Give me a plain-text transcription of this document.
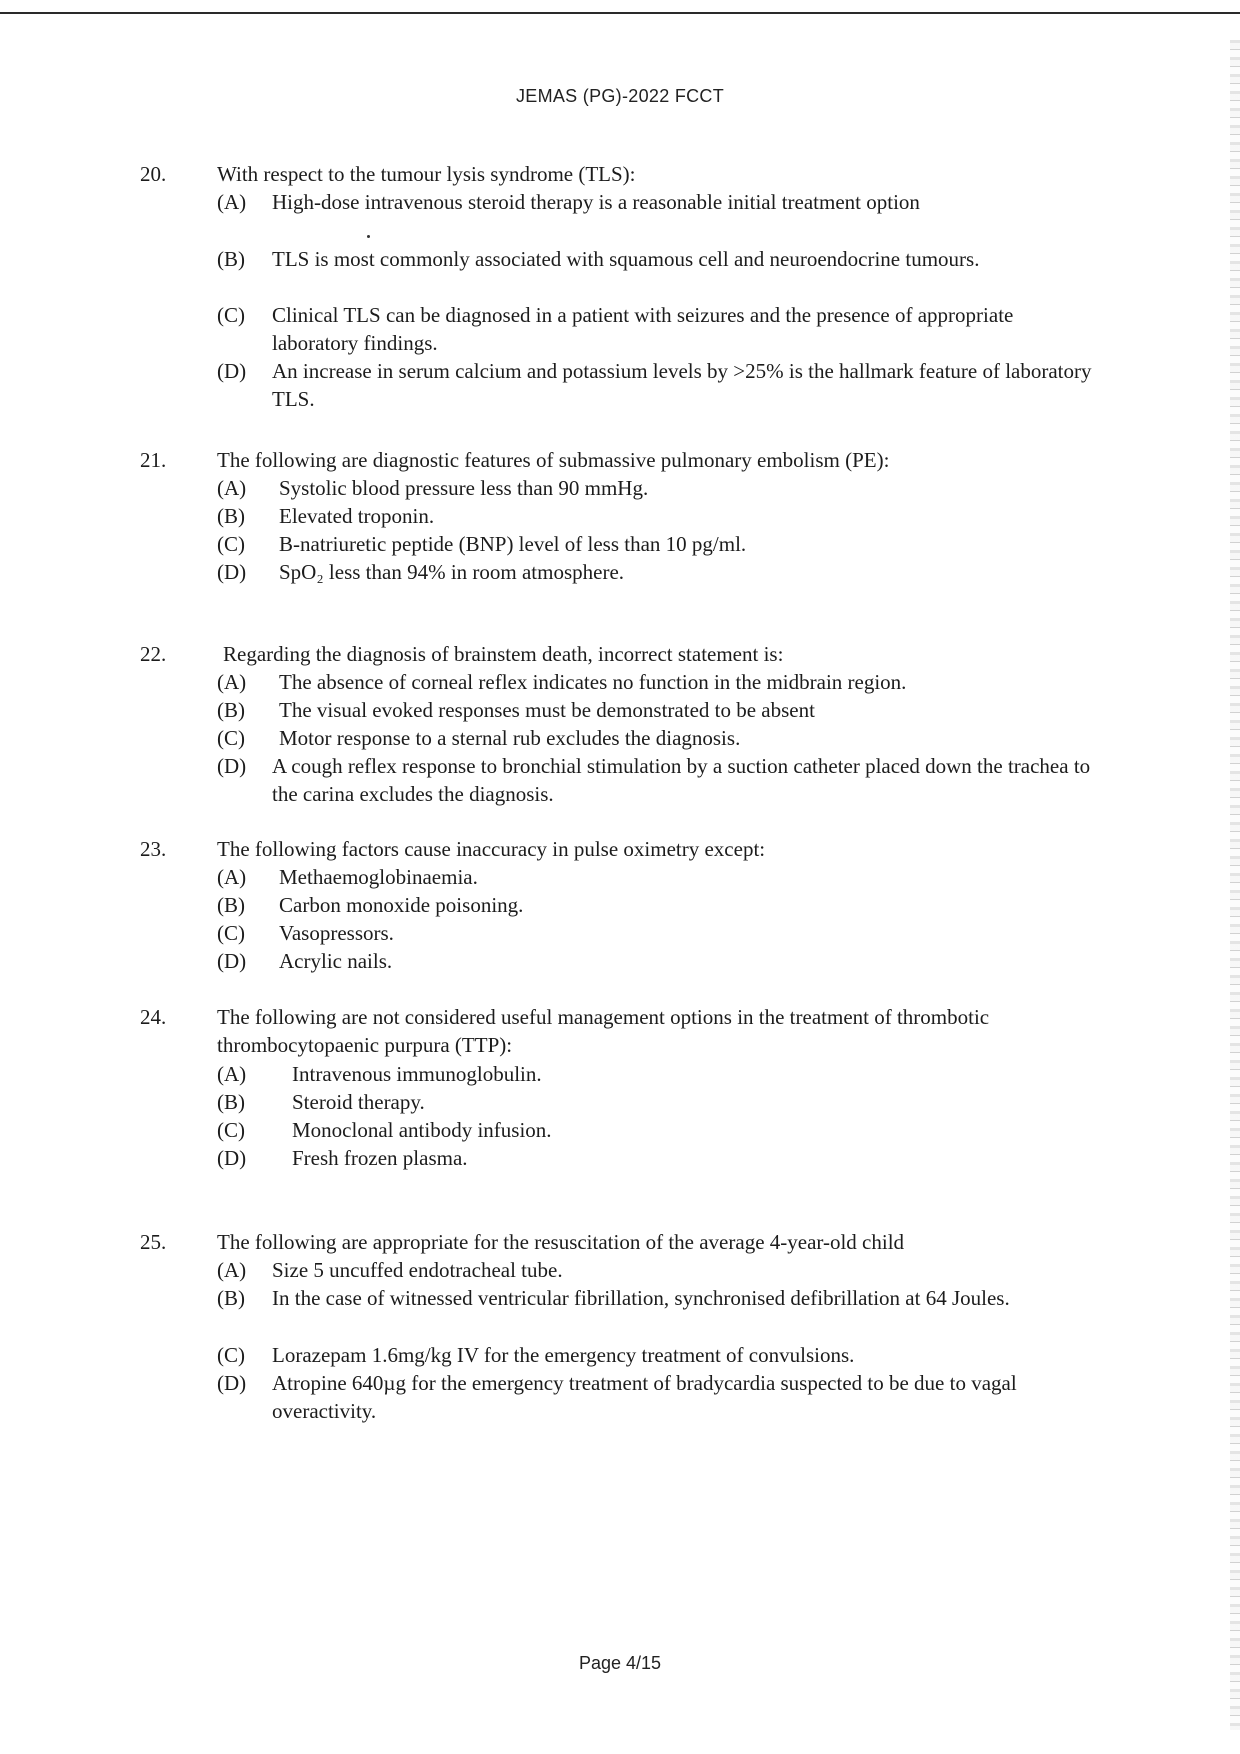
JEMAS (PG)-2022 FCCT
20. With respect to the tumour lysis syndrome (TLS):
(A) High-dose intravenous steroid therapy is a reasonable initial treatment option
(B) TLS is most commonly associated with squamous cell and neuroendocrine tumours.
(C) Clinical TLS can be diagnosed in a patient with seizures and the presence of appropriate laboratory findings.
(D) An increase in serum calcium and potassium levels by >25% is the hallmark feature of laboratory TLS.
21. The following are diagnostic features of submassive pulmonary embolism (PE):
(A) Systolic blood pressure less than 90 mmHg.
(B) Elevated troponin.
(C) B-natriuretic peptide (BNP) level of less than 10 pg/ml.
(D) SpO₂ less than 94% in room atmosphere.
22.	Regarding the diagnosis of brainstem death, incorrect statement is:
(A) The absence of corneal reflex indicates no function in the midbrain region.
(B) The visual evoked responses must be demonstrated to be absent
(C) Motor response to a sternal rub excludes the diagnosis.
(D) A cough reflex response to bronchial stimulation by a suction catheter placed down the trachea to the carina excludes the diagnosis.
23. The following factors cause inaccuracy in pulse oximetry except:
(A) Methaemoglobinaemia.
(B) Carbon monoxide poisoning.
(C) Vasopressors.
(D) Acrylic nails.
24. The following are not considered useful management options in the treatment of thrombotic thrombocytopaenic purpura (TTP):
(A) Intravenous immunoglobulin.
(B) Steroid therapy.
(C) Monoclonal antibody infusion.
(D) Fresh frozen plasma.
25. The following are appropriate for the resuscitation of the average 4-year-old child
(A) Size 5 uncuffed endotracheal tube.
(B) In the case of witnessed ventricular fibrillation, synchronised defibrillation at 64 Joules.
(C) Lorazepam 1.6mg/kg IV for the emergency treatment of convulsions.
(D) Atropine 640µg for the emergency treatment of bradycardia suspected to be due to vagal overactivity.
Page 4/15
